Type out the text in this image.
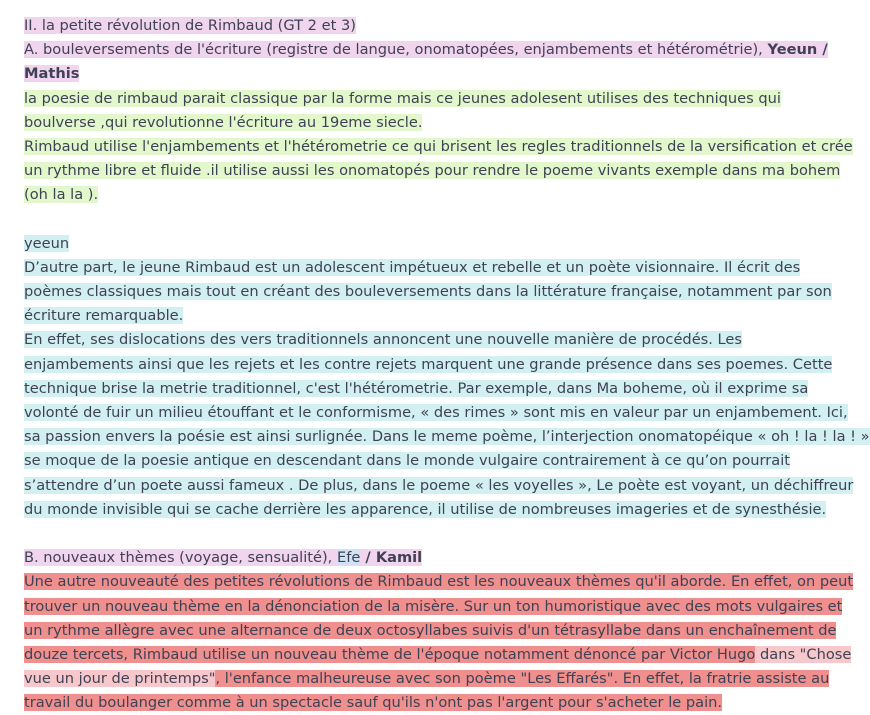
II. la petite révolution de Rimbaud (GT 2 et 3)
A. bouleversements de l'écriture (registre de langue, onomatopées, enjambements et hétérométrie), Yeeun /
Mathis
la poesie de rimbaud parait classique par la forme mais ce jeunes adolesent utilises des techniques qui
boulverse ,qui revolutionne l'écriture au 19eme siecle.
Rimbaud utilise l'enjambements et l'hétérometrie ce qui brisent les regles traditionnels de la versification et crée
un rythme libre et fluide .il utilise aussi les onomatopés pour rendre le poeme vivants exemple dans ma bohem
(oh la la ).
yeeun
D’autre part, le jeune Rimbaud est un adolescent impétueux et rebelle et un poète visionnaire. Il écrit des
poèmes classiques mais tout en créant des bouleversements dans la littérature française, notamment par son
écriture remarquable.
En effet, ses dislocations des vers traditionnels annoncent une nouvelle manière de procédés. Les
enjambements ainsi que les rejets et les contre rejets marquent une grande présence dans ses poemes. Cette
technique brise la metrie traditionnel, c'est l'hétérometrie. Par exemple, dans Ma boheme, où il exprime sa
volonté de fuir un milieu étouffant et le conformisme, « des rimes » sont mis en valeur par un enjambement. Ici,
sa passion envers la poésie est ainsi surlignée. Dans le meme poème, l’interjection onomatopéique « oh ! la ! la ! »
se moque de la poesie antique en descendant dans le monde vulgaire contrairement à ce qu’on pourrait
s’attendre d’un poete aussi fameux . De plus, dans le poeme « les voyelles », Le poète est voyant, un déchiffreur
du monde invisible qui se cache derrière les apparence, il utilise de nombreuses imageries et de synesthésie.
B. nouveaux thèmes (voyage, sensualité), Efe / Kamil
Une autre nouveauté des petites révolutions de Rimbaud est les nouveaux thèmes qu'il aborde. En effet, on peut
trouver un nouveau thème en la dénonciation de la misère. Sur un ton humoristique avec des mots vulgaires et
un rythme allègre avec une alternance de deux octosyllabes suivis d'un tétrasyllabe dans un enchaînement de
douze tercets, Rimbaud utilise un nouveau thème de l'époque notamment dénoncé par Victor Hugo dans "Chose
vue un jour de printemps", l'enfance malheureuse avec son poème "Les Effarés". En effet, la fratrie assiste au
travail du boulanger comme à un spectacle sauf qu'ils n'ont pas l'argent pour s'acheter le pain.
